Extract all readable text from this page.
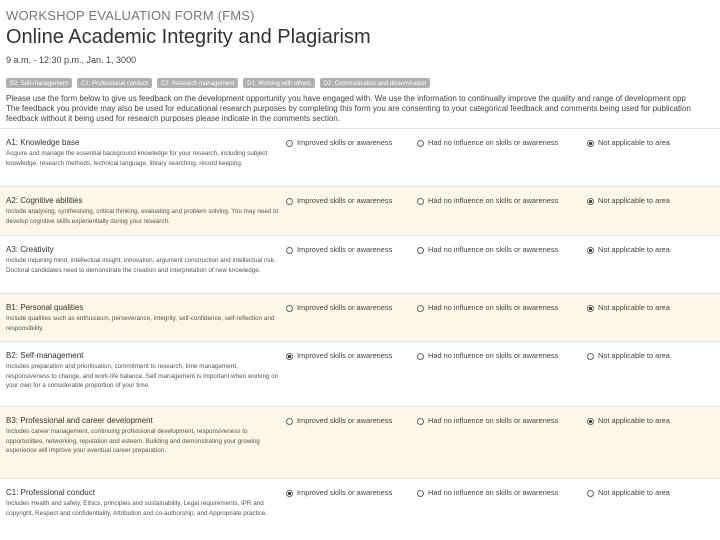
WORKSHOP EVALUATION FORM (FMS)
Online Academic Integrity and Plagiarism
9 a.m. - 12:30 p.m., Jan. 1, 3000
B2: Self-management	C1: Professional conduct	C2: Research management	D1: Working with others	D2: Communication and dissemination
Please use the form below to give us feedback on the development opportunity you have engaged with. We use the information to continually improve the quality and range of development opp
The feedback you provide may also be used for educational research purposes by completing this form you are consenting to your categorical feedback and comments being used for publication
feedback without it being used for research purposes please indicate in the comments section.
A1: Knowledge base
Acquire and manage the essential background knowledge for your research, including subject knowledge, research methods, technical language, library searching, record keeping.
Improved skills or awareness	Had no influence on skills or awareness	Not applicable to area
A2: Cognitive abilities
Include analysing, synthesising, critical thinking, evaluating and problem solving. You may need to develop cognitive skills experientially during your research.
Improved skills or awareness	Had no influence on skills or awareness	Not applicable to area
A3: Creativity
Include inquiring mind, intellectual insight, innovation, argument construction and intellectual risk. Doctoral candidates need to demonstrate the creation and interpretation of new knowledge.
Improved skills or awareness	Had no influence on skills or awareness	Not applicable to area
B1: Personal qualities
Include qualities such as enthusiasm, perseverance, integrity, self-confidence, self-reflection and responsibility.
Improved skills or awareness	Had no influence on skills or awareness	Not applicable to area
B2: Self-management
Includes preparation and prioritisation, commitment to research, time management, responsiveness to change, and work-life balance. Self management is important when working on your own for a considerable proportion of your time.
Improved skills or awareness	Had no influence on skills or awareness	Not applicable to area
B3: Professional and career development
Includes career management, continuing professional development, responsiveness to opportunities, networking, reputation and esteem. Building and demonstrating your growing experience will improve your eventual career preparation.
Improved skills or awareness	Had no influence on skills or awareness	Not applicable to area
C1: Professional conduct
Includes Health and safety, Ethics, principles and sustainability, Legal requirements, IPR and copyright, Respect and confidentiality, Attribution and co-authorship, and Appropriate practice.
Improved skills or awareness	Had no influence on skills or awareness	Not applicable to area
